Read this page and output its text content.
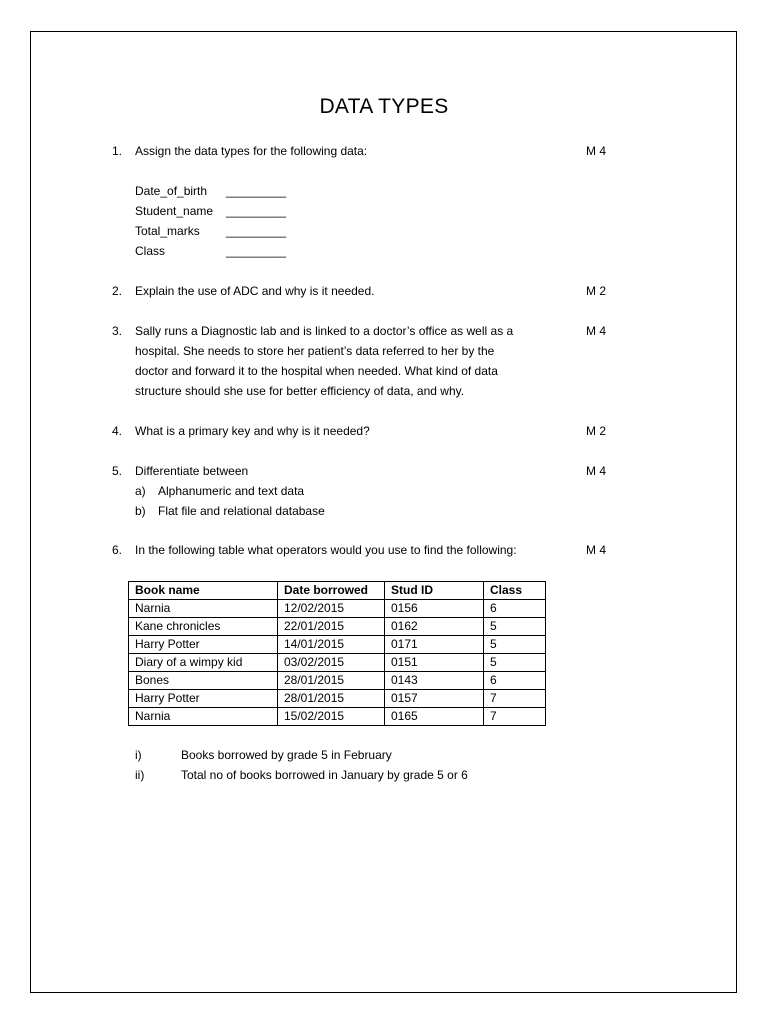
DATA TYPES
1. Assign the data types for the following data:	M 4
Date_of_birth _________
Student_name _________
Total_marks _________
Class	_________
2. Explain the use of ADC and why is it needed.	M 2
3. Sally runs a Diagnostic lab and is linked to a doctor’s office as well as a
hospital. She needs to store her patient’s data referred to her by the
doctor and forward it to the hospital when needed. What kind of data
structure should she use for better efficiency of data, and why.
M 4
4. What is a primary key and why is it needed?	M 2
5. Differentiate between	M 4
a) Alphanumeric and text data
b) Flat file and relational database
6. In the following table what operators would you use to find the following:	M 4
Book name	Date borrowed	Stud ID	Class
Narnia	12/02/2015	0156	6
Kane chronicles	22/01/2015	0162	5
Harry Potter	14/01/2015	0171	5
Diary of a wimpy kid	03/02/2015	0151	5
Bones	28/01/2015	0143	6
Harry Potter	28/01/2015	0157	7
Narnia	15/02/2015	0165	7
i)	Books borrowed by grade 5 in February
ii)	Total no of books borrowed in January by grade 5 or 6
